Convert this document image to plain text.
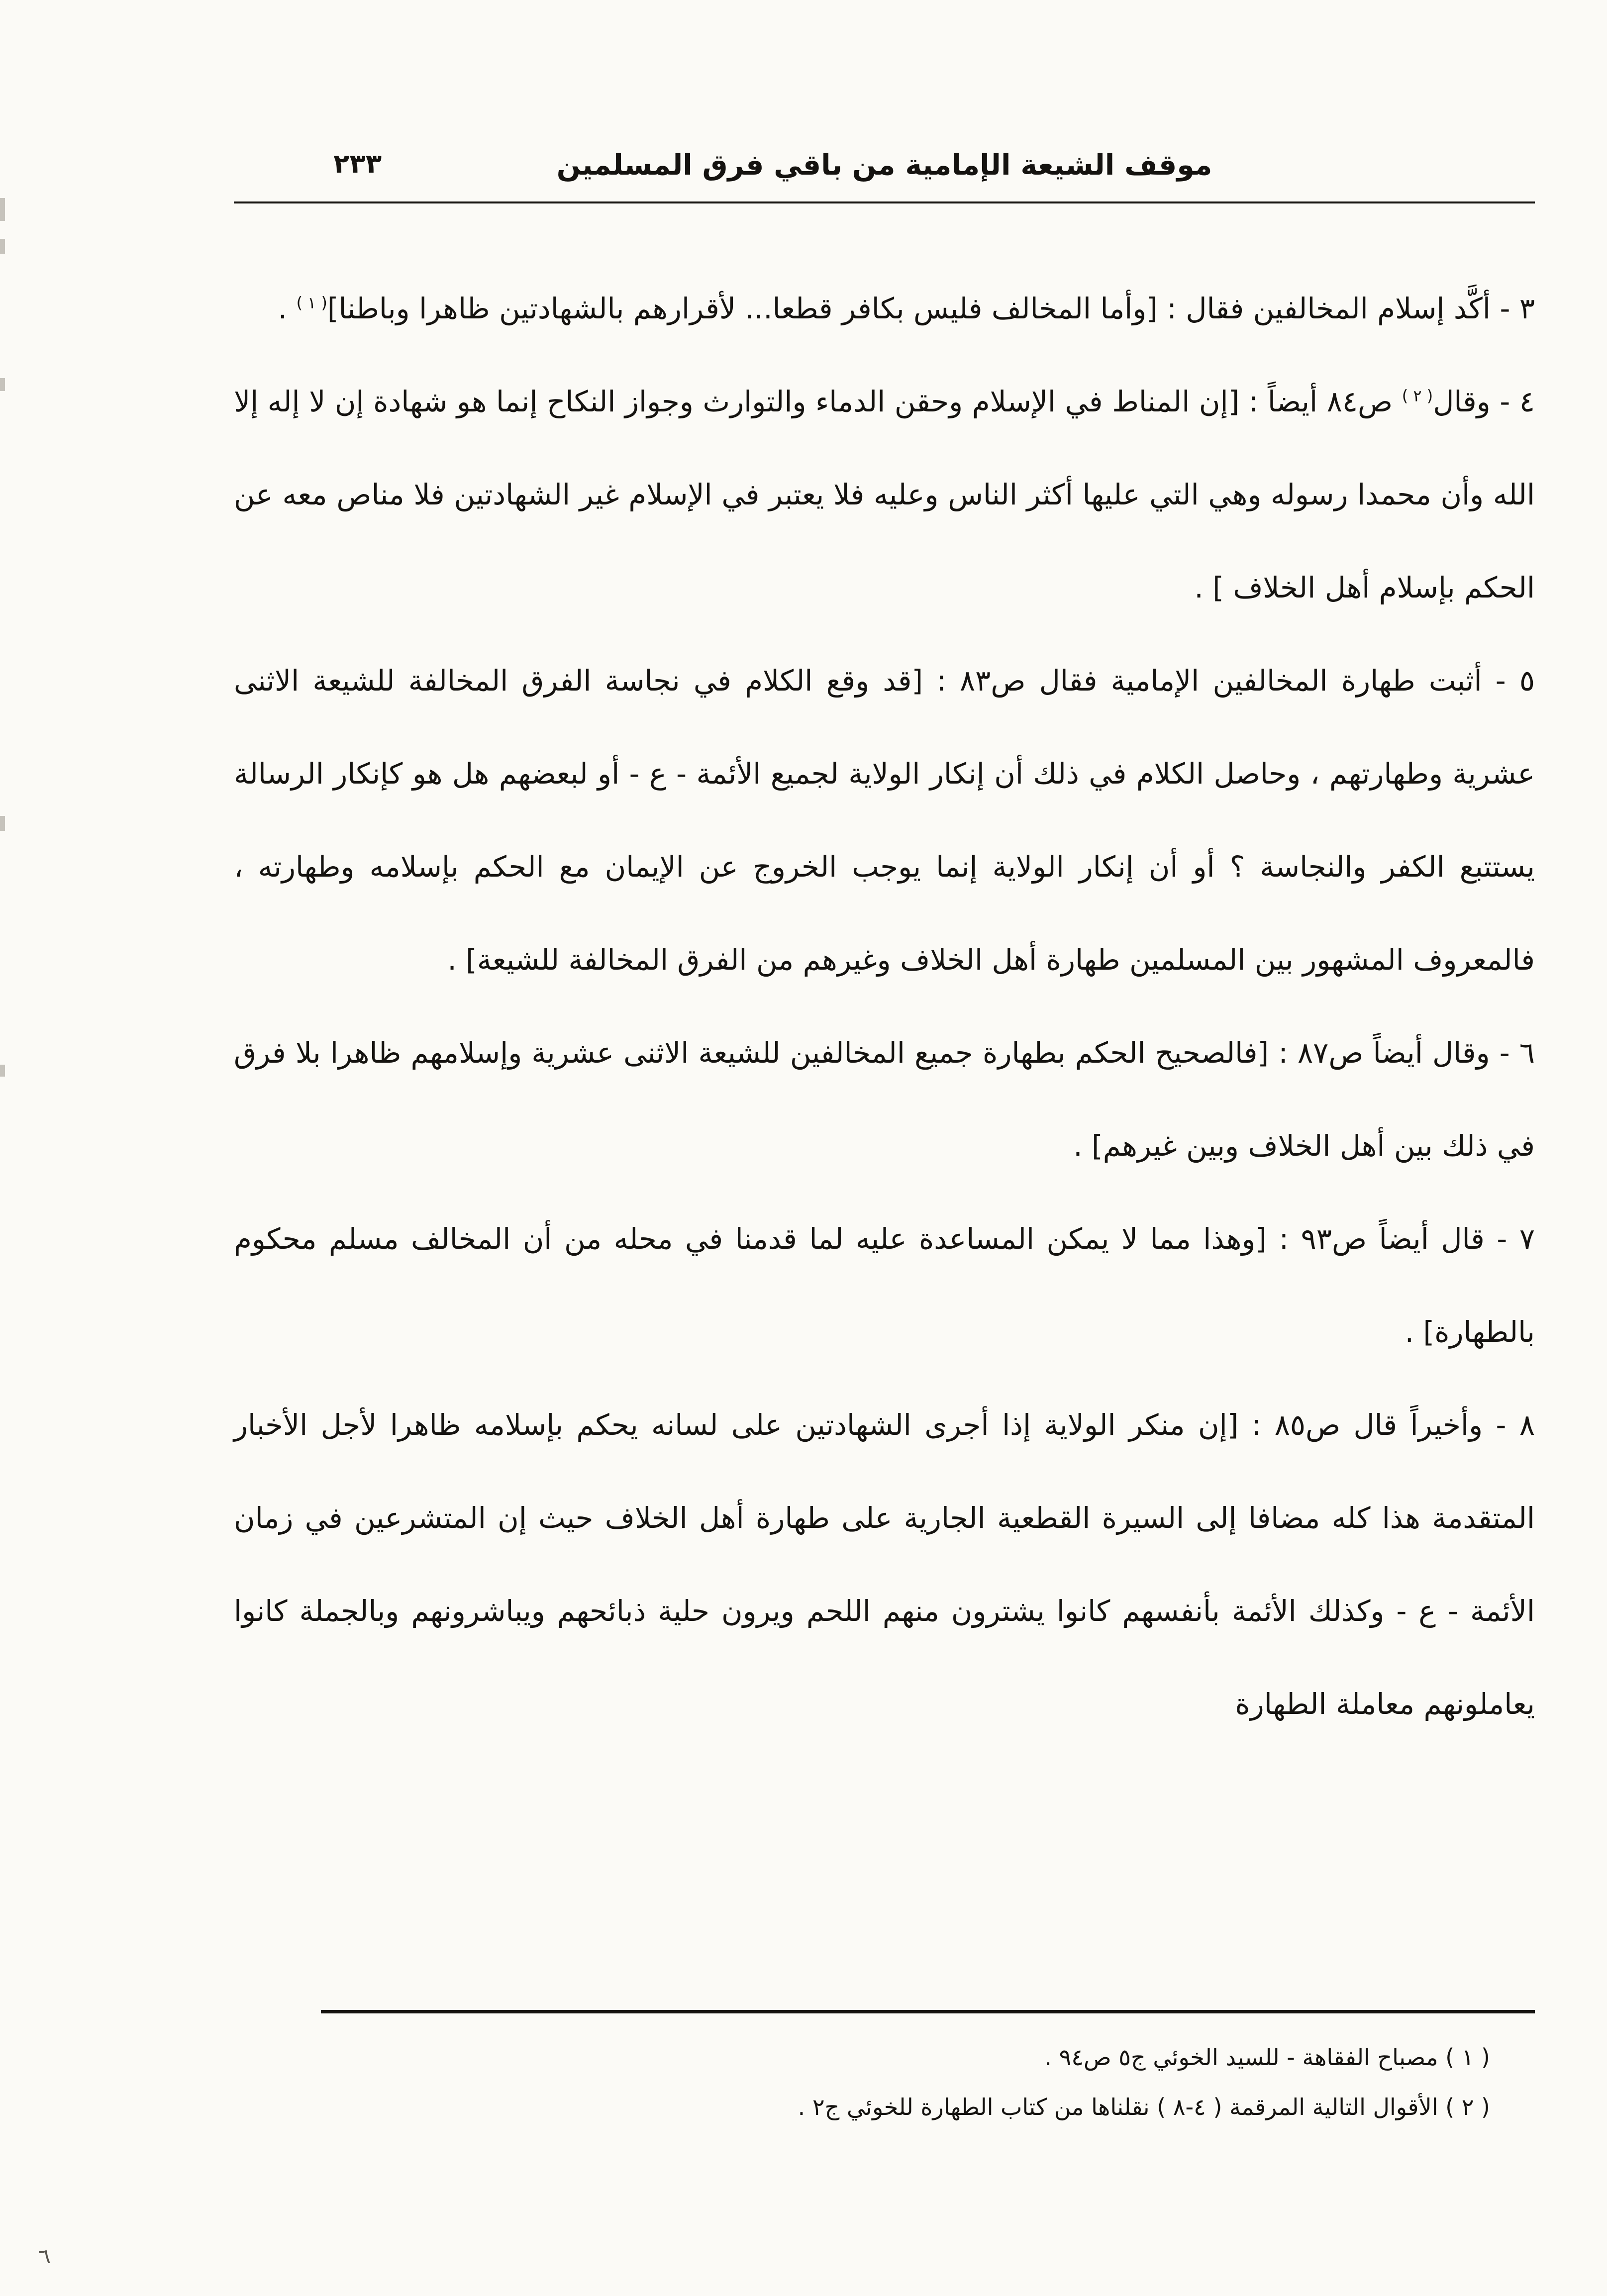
٢٣٣	موقف الشيعة الإمامية من باقي فرق المسلمين

٣ - أكَّد إسلام المخالفين فقال : [وأما المخالف فليس بكافر قطعا... لأقرارهم بالشهادتين ظاهرا وباطنا]$^{( ١ )}$ .

٤ - وقال$^{( ٢ )}$ ص٨٤ أيضاً : [إن المناط في الإسلام وحقن الدماء والتوارث وجواز النكاح إنما هو شهادة إن لا إله إلا الله وأن محمدا رسوله وهي التي عليها أكثر الناس وعليه فلا يعتبر في الإسلام غير الشهادتين فلا مناص معه عن الحكم بإسلام أهل الخلاف ] .

٥ - أثبت طهارة المخالفين الإمامية فقال ص٨٣ : [قد وقع الكلام في نجاسة الفرق المخالفة للشيعة الاثنى عشرية وطهارتهم ، وحاصل الكلام في ذلك أن إنكار الولاية لجميع الأئمة - ع - أو لبعضهم هل هو كإنكار الرسالة يستتبع الكفر والنجاسة ؟ أو أن إنكار الولاية إنما يوجب الخروج عن الإيمان مع الحكم بإسلامه وطهارته ، فالمعروف المشهور بين المسلمين طهارة أهل الخلاف وغيرهم من الفرق المخالفة للشيعة] .

٦ - وقال أيضاً ص٨٧ : [فالصحيح الحكم بطهارة جميع المخالفين للشيعة الاثنى عشرية وإسلامهم ظاهرا بلا فرق في ذلك بين أهل الخلاف وبين غيرهم] .

٧ - قال أيضاً ص٩٣ : [وهذا مما لا يمكن المساعدة عليه لما قدمنا في محله من أن المخالف مسلم محكوم بالطهارة] .

٨ - وأخيراً قال ص٨٥ : [إن منكر الولاية إذا أجرى الشهادتين على لسانه يحكم بإسلامه ظاهرا لأجل الأخبار المتقدمة هذا كله مضافا إلى السيرة القطعية الجارية على طهارة أهل الخلاف حيث إن المتشرعين في زمان الأئمة - ع - وكذلك الأئمة بأنفسهم كانوا يشترون منهم اللحم ويرون حلية ذبائحهم ويباشرونهم وبالجملة كانوا يعاملونهم معاملة الطهارة

( ١ ) مصباح الفقاهة - للسيد الخوئي ج٥ ص٩٤ .

( ٢ ) الأقوال التالية المرقمة ( ٤-٨ ) نقلناها من كتاب الطهارة للخوئي ج٢ .

٦
